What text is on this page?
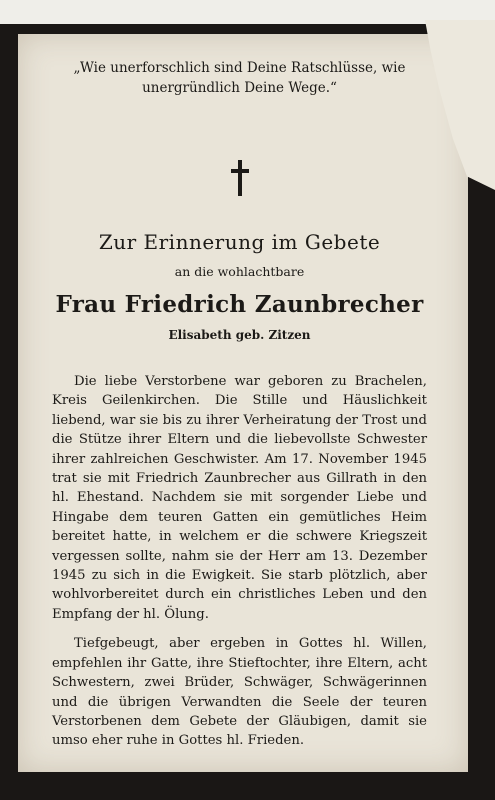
„Wie unerforschlich sind Deine Ratschlüsse, wie unergründlich Deine Wege.“

Zur Erinnerung im Gebete
an die wohlachtbare
Frau Friedrich Zaunbrecher
Elisabeth geb. Zitzen

Die liebe Verstorbene war geboren zu Brachelen, Kreis Geilenkirchen. Die Stille und Häuslichkeit liebend, war sie bis zu ihrer Verheiratung der Trost und die Stütze ihrer Eltern und die liebevollste Schwester ihrer zahlreichen Geschwister. Am 17. November 1945 trat sie mit Friedrich Zaunbrecher aus Gillrath in den hl. Ehestand. Nachdem sie mit sorgender Liebe und Hingabe dem teuren Gatten ein gemütliches Heim bereitet hatte, in welchem er die schwere Kriegszeit vergessen sollte, nahm sie der Herr am 13. Dezember 1945 zu sich in die Ewigkeit. Sie starb plötzlich, aber wohlvorbereitet durch ein christliches Leben und den Empfang der hl. Ölung.

Tiefgebeugt, aber ergeben in Gottes hl. Willen, empfehlen ihr Gatte, ihre Stieftochter, ihre Eltern, acht Schwestern, zwei Brüder, Schwäger, Schwägerinnen und die übrigen Verwandten die Seele der teuren Verstorbenen dem Gebete der Gläubigen, damit sie umso eher ruhe in Gottes hl. Frieden.
